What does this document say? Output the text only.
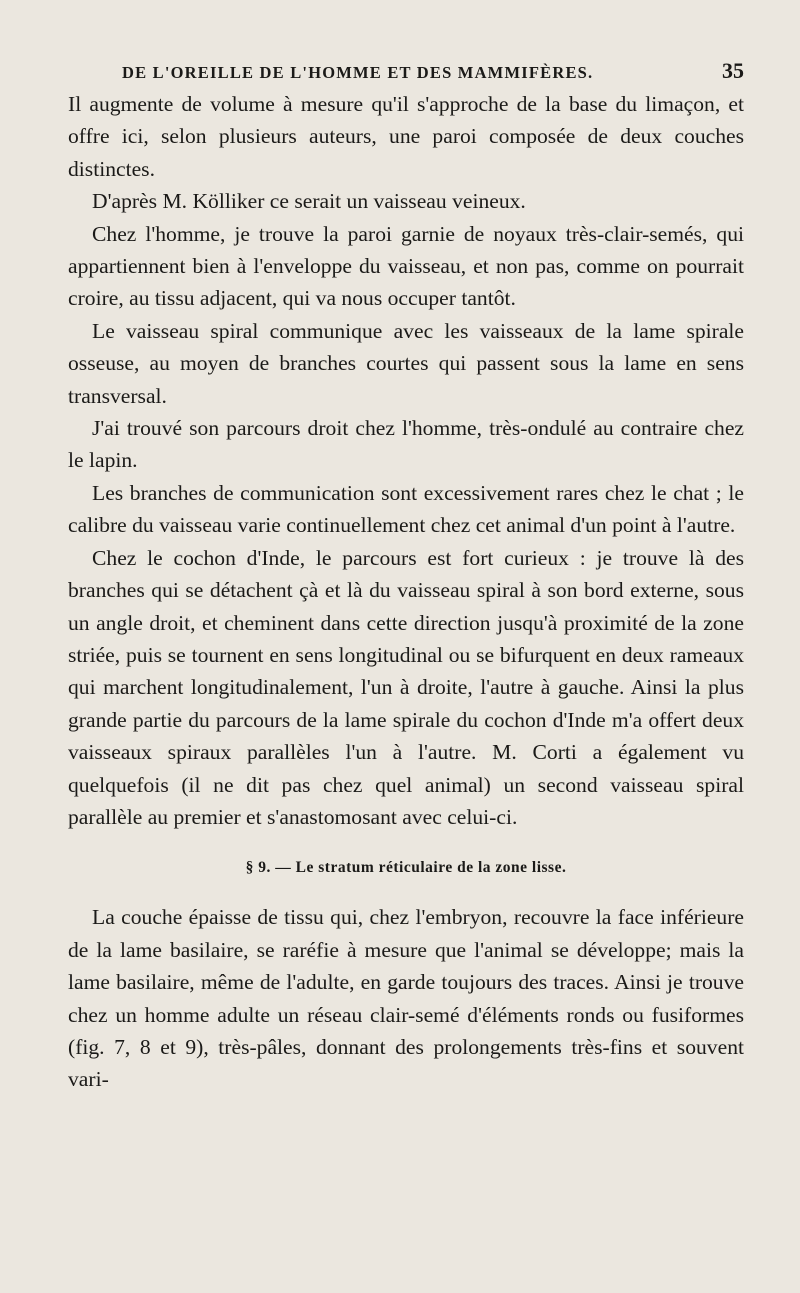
DE L'OREILLE DE L'HOMME ET DES MAMMIFÈRES.	35

Il augmente de volume à mesure qu'il s'approche de la base du limaçon, et offre ici, selon plusieurs auteurs, une paroi composée de deux couches distinctes.

D'après M. Kölliker ce serait un vaisseau veineux.

Chez l'homme, je trouve la paroi garnie de noyaux très-clair-semés, qui appartiennent bien à l'enveloppe du vaisseau, et non pas, comme on pourrait croire, au tissu adjacent, qui va nous occuper tantôt.

Le vaisseau spiral communique avec les vaisseaux de la lame spirale osseuse, au moyen de branches courtes qui passent sous la lame en sens transversal.

J'ai trouvé son parcours droit chez l'homme, très-ondulé au contraire chez le lapin.

Les branches de communication sont excessivement rares chez le chat ; le calibre du vaisseau varie continuellement chez cet animal d'un point à l'autre.

Chez le cochon d'Inde, le parcours est fort curieux : je trouve là des branches qui se détachent çà et là du vaisseau spiral à son bord externe, sous un angle droit, et cheminent dans cette direction jusqu'à proximité de la zone striée, puis se tournent en sens longitudinal ou se bifurquent en deux rameaux qui marchent longitudinalement, l'un à droite, l'autre à gauche. Ainsi la plus grande partie du parcours de la lame spirale du cochon d'Inde m'a offert deux vaisseaux spiraux parallèles l'un à l'autre. M. Corti a également vu quelquefois (il ne dit pas chez quel animal) un second vaisseau spiral parallèle au premier et s'anastomosant avec celui-ci.

§ 9. — Le stratum réticulaire de la zone lisse.

La couche épaisse de tissu qui, chez l'embryon, recouvre la face inférieure de la lame basilaire, se raréfie à mesure que l'animal se développe; mais la lame basilaire, même de l'adulte, en garde toujours des traces. Ainsi je trouve chez un homme adulte un réseau clair-semé d'éléments ronds ou fusiformes (fig. 7, 8 et 9), très-pâles, donnant des prolongements très-fins et souvent vari-
